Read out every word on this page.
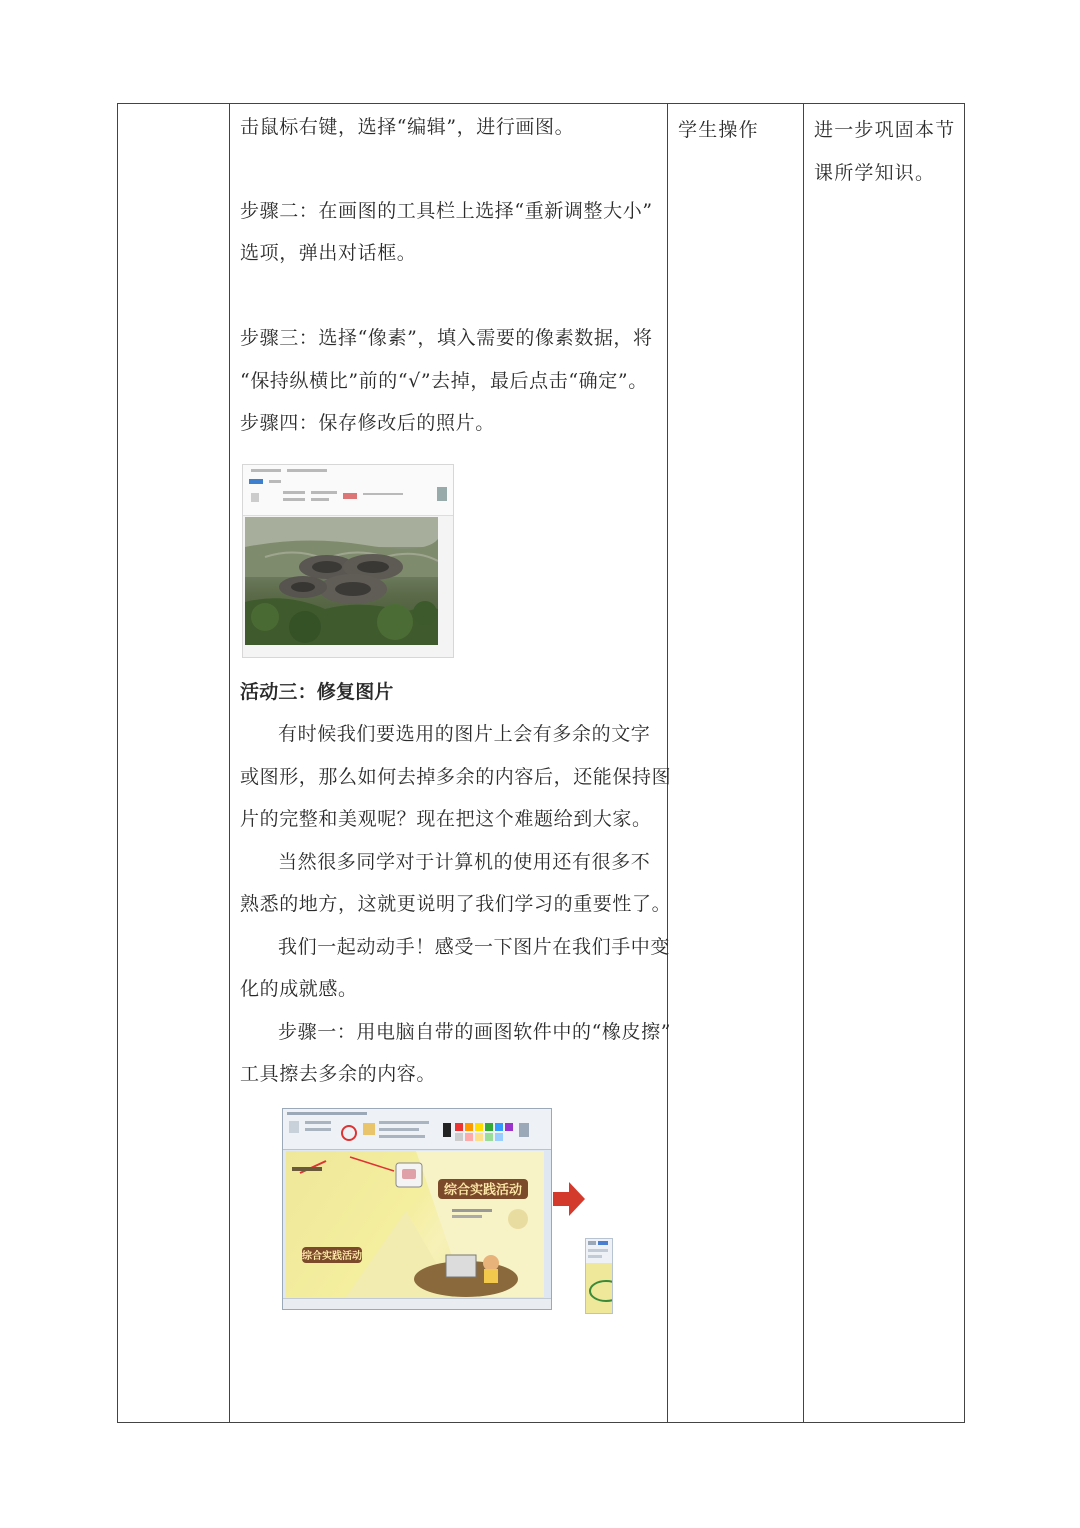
击鼠标右键，选择“编辑”，进行画图。

步骤二：在画图的工具栏上选择“重新调整大小”

选项，弹出对话框。

步骤三：选择“像素”，填入需要的像素数据，将

“保持纵横比”前的“√”去掉，最后点击“确定”。

步骤四：保存修改后的照片。

活动三：修复图片

有时候我们要选用的图片上会有多余的文字

或图形，那么如何去掉多余的内容后，还能保持图

片的完整和美观呢？现在把这个难题给到大家。

当然很多同学对于计算机的使用还有很多不

熟悉的地方，这就更说明了我们学习的重要性了。

我们一起动动手！感受一下图片在我们手中变

化的成就感。

步骤一：用电脑自带的画图软件中的“橡皮擦”

工具擦去多余的内容。

综合实践活动
综合实践活动

学生操作	进一步巩固本节

课所学知识。
